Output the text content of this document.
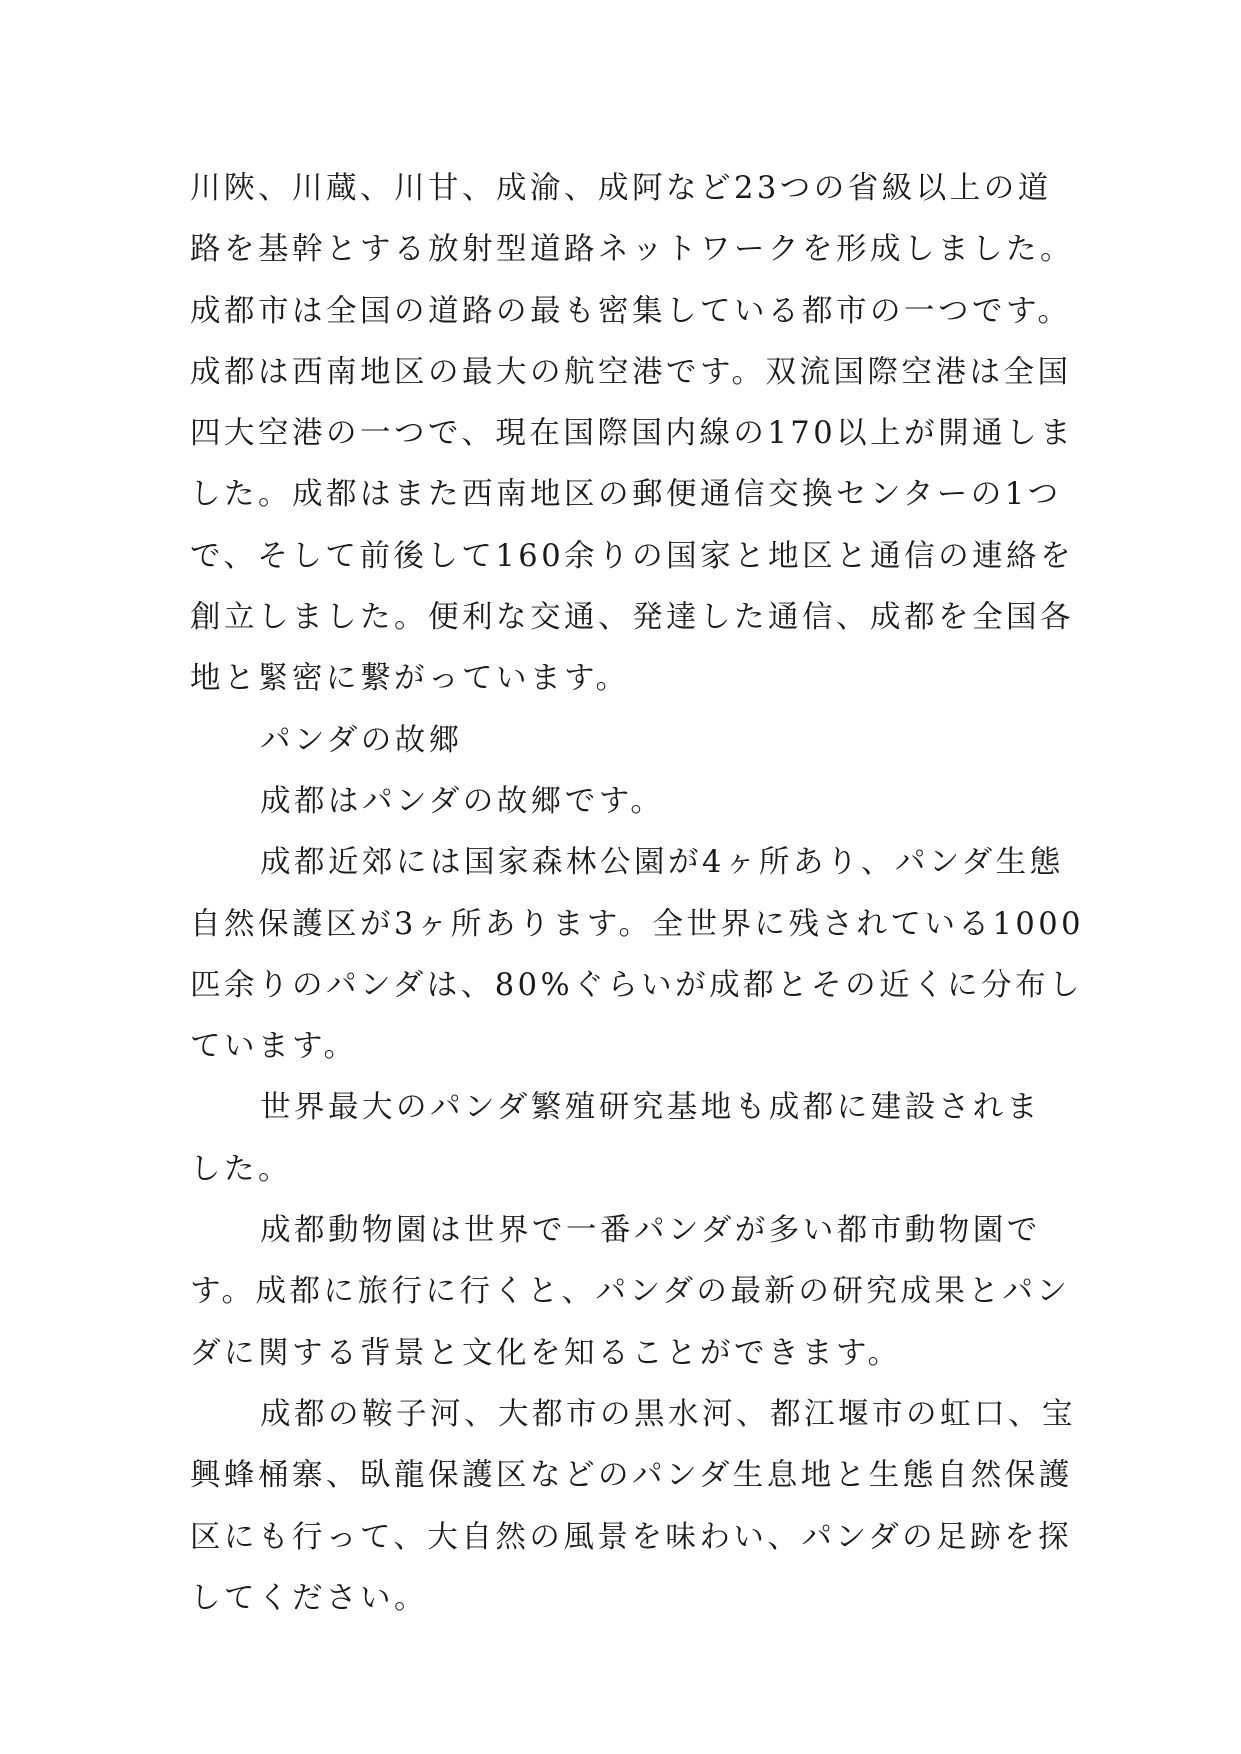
川陜、川蔵、川甘、成渝、成阿など23つの省級以上の道
路を基幹とする放射型道路ネットワークを形成しました。
成都市は全国の道路の最も密集している都市の一つです。
成都は西南地区の最大の航空港です。双流国際空港は全国
四大空港の一つで、現在国際国内線の170以上が開通しま
した。成都はまた西南地区の郵便通信交換センターの1つ
で、そして前後して160余りの国家と地区と通信の連絡を
創立しました。便利な交通、発達した通信、成都を全国各
地と緊密に繋がっています。
パンダの故郷
成都はパンダの故郷です。
成都近郊には国家森林公園が4ヶ所あり、パンダ生態
自然保護区が3ヶ所あります。全世界に残されている1000
匹余りのパンダは、80%ぐらいが成都とその近くに分布し
ています。
世界最大のパンダ繁殖研究基地も成都に建設されま
した。
成都動物園は世界で一番パンダが多い都市動物園で
す。成都に旅行に行くと、パンダの最新の研究成果とパン
ダに関する背景と文化を知ることができます。
成都の鞍子河、大都市の黒水河、都江堰市の虹口、宝
興蜂桶寨、臥龍保護区などのパンダ生息地と生態自然保護
区にも行って、大自然の風景を味わい、パンダの足跡を探
してください。
